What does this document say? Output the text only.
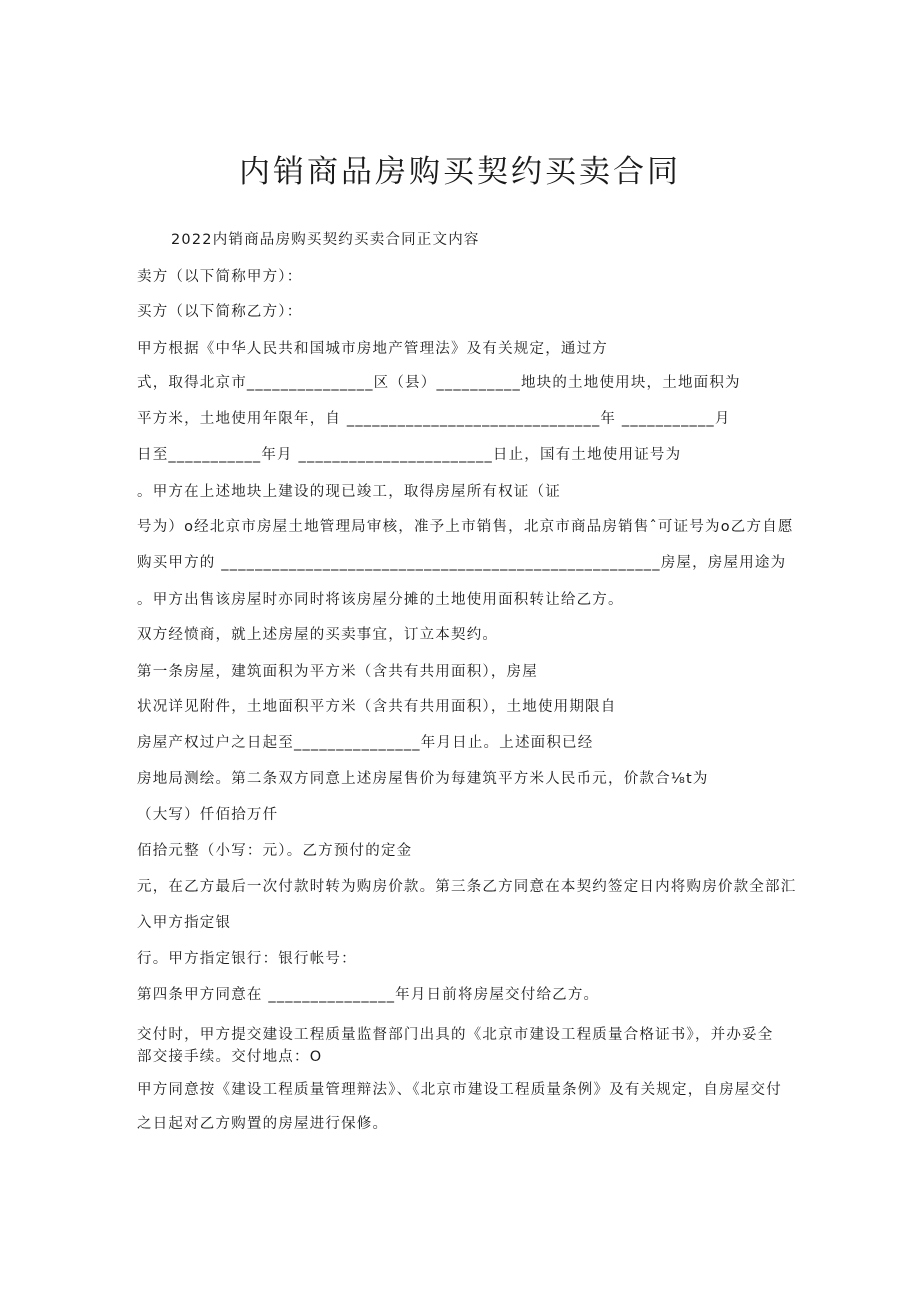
内销商品房购买契约买卖合同
2022内销商品房购买契约买卖合同正文内容
卖方（以下简称甲方）：
买方（以下简称乙方）：
甲方根据《中华人民共和国城市房地产管理法》及有关规定，通过方
式，取得北京市_______________区（县）__________地块的土地使用块，土地面积为
平方米，土地使用年限年，自 ______________________________年 ___________月
日至___________年月 _______________________日止，国有土地使用证号为
。甲方在上述地块上建设的现已竣工，取得房屋所有权证（证
号为）o经北京市房屋土地管理局审核，准予上市销售，北京市商品房销售ˆ可证号为o乙方自愿
购买甲方的 ____________________________________________________房屋，房屋用途为
。甲方出售该房屋时亦同时将该房屋分摊的土地使用面积转让给乙方。
双方经愤商，就上述房屋的买卖事宜，订立本契约。
第一条房屋，建筑面积为平方米（含共有共用面积），房屋
状况详见附件，土地面积平方米（含共有共用面积），土地使用期限自
房屋产权过户之日起至_______________年月日止。上述面积已经
房地局测绘。第二条双方同意上述房屋售价为每建筑平方米人民币元，价款合⅛t为
（大写）仟佰拾万仟
佰拾元整（小写：元）。乙方预付的定金
元，在乙方最后一次付款时转为购房价款。第三条乙方同意在本契约签定日内将购房价款全部汇
入甲方指定银
行。甲方指定银行：银行帐号：
第四条甲方同意在 _______________年月日前将房屋交付给乙方。
交付时，甲方提交建设工程质量监督部门出具的《北京市建设工程质量合格证书》，并办妥全部交接手续。交付地点：O
甲方同意按《建设工程质量管理辩法》、《北京市建设工程质量条例》及有关规定，自房屋交付
之日起对乙方购置的房屋进行保修。
